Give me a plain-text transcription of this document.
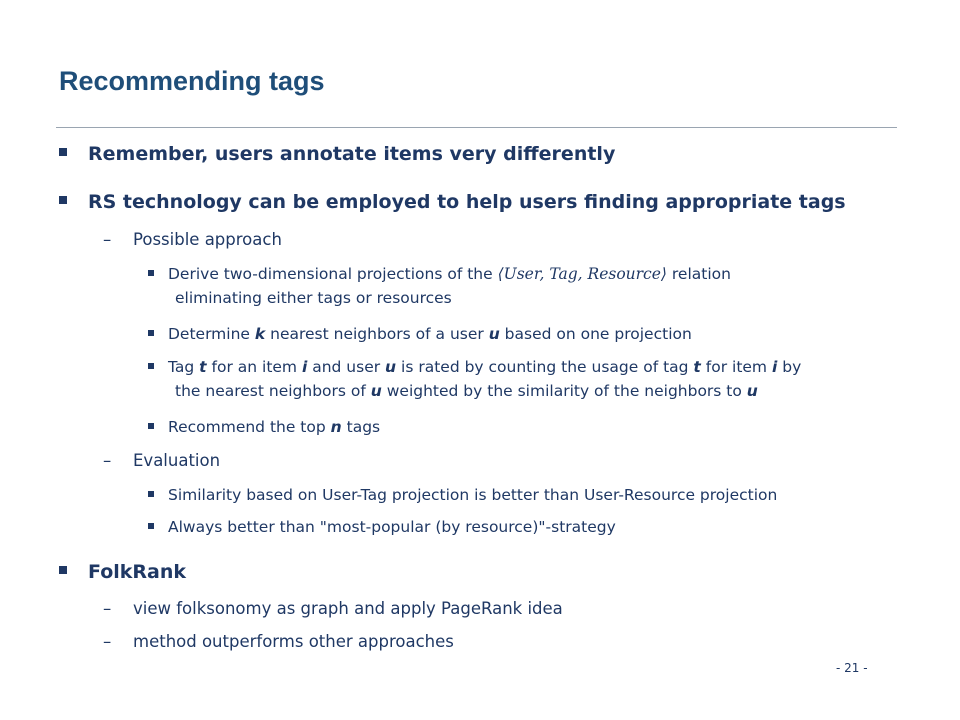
Recommending tags
Remember, users annotate items very differently
RS technology can be employed to help users finding appropriate tags
– Possible approach
Derive two-dimensional projections of the ⟨User, Tag, Resource⟩ relation
eliminating either tags or resources
Determine k nearest neighbors of a user u based on one projection
Tag t for an item i and user u is rated by counting the usage of tag t for item i by
the nearest neighbors of u weighted by the similarity of the neighbors to u
Recommend the top n tags
– Evaluation
Similarity based on User-Tag projection is better than User-Resource projection
Always better than "most-popular (by resource)"-strategy
FolkRank
– view folksonomy as graph and apply PageRank idea
– method outperforms other approaches
- 21 -
